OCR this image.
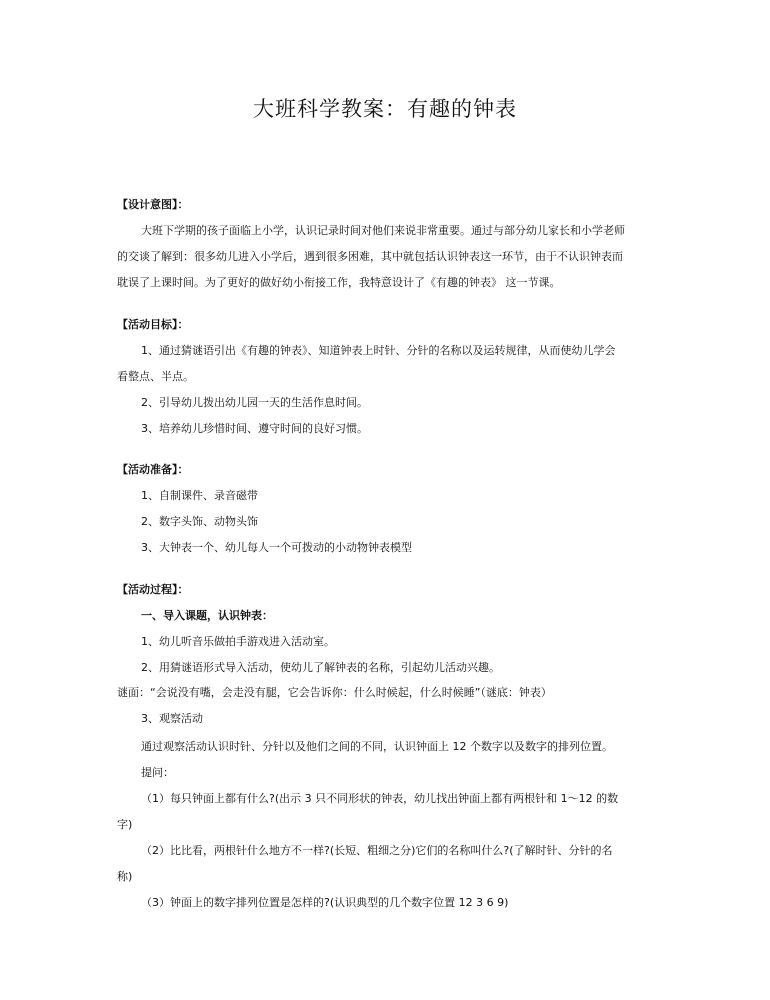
大班科学教案：有趣的钟表
【设计意图】：
大班下学期的孩子面临上小学，认识记录时间对他们来说非常重要。通过与部分幼儿家长和小学老师
的交谈了解到：很多幼儿进入小学后，遇到很多困难，其中就包括认识钟表这一环节，由于不认识钟表而
耽误了上课时间。为了更好的做好幼小衔接工作，我特意设计了《有趣的钟表》 这一节课。
【活动目标】：
1、通过猜谜语引出《有趣的钟表》、知道钟表上时针、分针的名称以及运转规律，从而使幼儿学会
看整点、半点。
2、引导幼儿拨出幼儿园一天的生活作息时间。
3、培养幼儿珍惜时间、遵守时间的良好习惯。
【活动准备】：
1、自制课件、录音磁带
2、数字头饰、动物头饰
3、大钟表一个、幼儿每人一个可拨动的小动物钟表模型
【活动过程】：
一、导入课题，认识钟表：
1、幼儿听音乐做拍手游戏进入活动室。
2、用猜谜语形式导入活动，使幼儿了解钟表的名称，引起幼儿活动兴趣。
谜面：“会说没有嘴，会走没有腿，它会告诉你：什么时候起，什么时候睡”（谜底：钟表）
3、观察活动
通过观察活动认识时针、分针以及他们之间的不同，认识钟面上 12 个数字以及数字的排列位置。
提问：
（1）每只钟面上都有什么?(出示 3 只不同形状的钟表，幼儿找出钟面上都有两根针和 1～12 的数
字)
（2）比比看，两根针什么地方不一样?(长短、粗细之分)它们的名称叫什么?(了解时针、分针的名
称)
（3）钟面上的数字排列位置是怎样的?(认识典型的几个数字位置 12 3 6 9)
